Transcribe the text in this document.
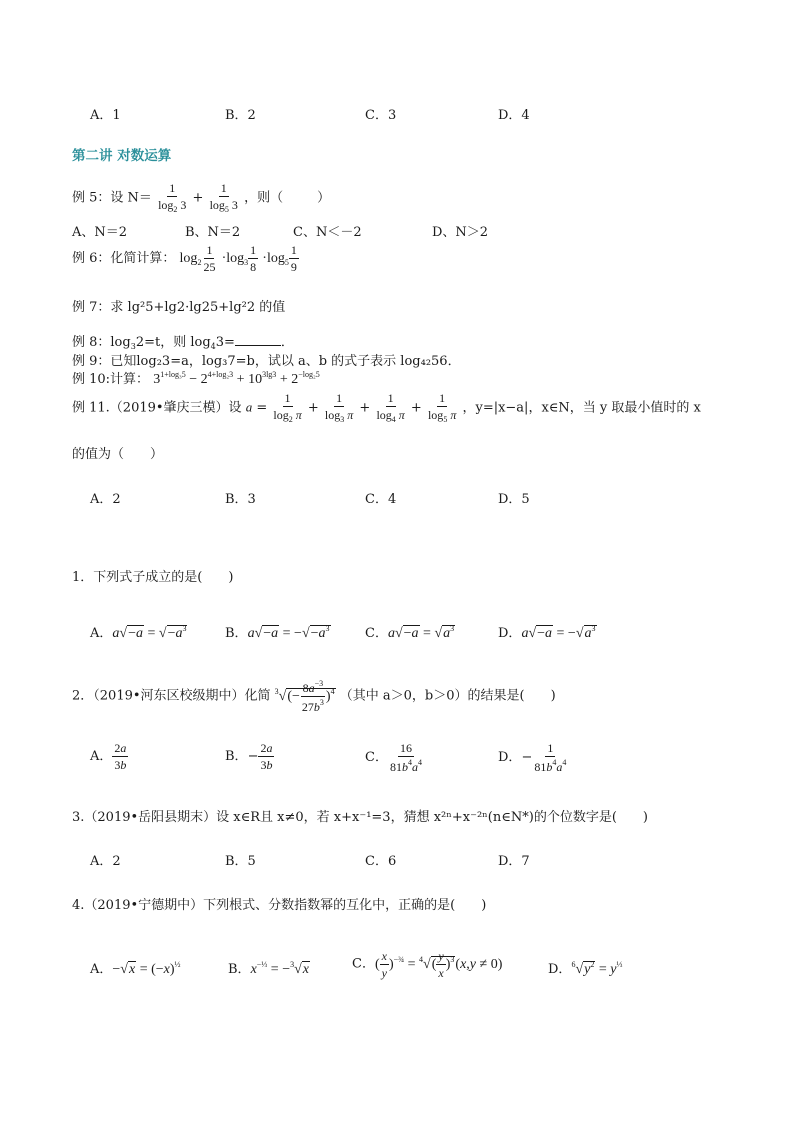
A．1	B．2	C．3	D．4
第二讲 对数运算
例 5：设 $N= \frac{1}{\log_2 3} + \frac{1}{\log_5 3}$ ，则（	）
A、N＝2	B、N＝2	C、N＜－2	D、N＞2
例 6：化简计算： $\log_2 \frac{1}{25} \cdot\log_3 \frac{1}{8} \cdot\log_5 \frac{1}{9}$
例 7：求 lg²5+lg2·lg25+lg²2 的值
例 8：$\log_32=t$，则 $\log_43=$	．
例 9：已知log₂3=a，log₃7=b，试以 a、b 的式子表示 log₄₂56．
例 10:计算： $3^{1+log_35} - 2^{4+log_23} + 10^{3lg3} + 2^{-log_25}$
例 11.（2019•肇庆三模）设 $a = \frac{1}{\log_2 \pi} + \frac{1}{\log_3 \pi} + \frac{1}{\log_4 \pi} + \frac{1}{\log_5 \pi}$ ，y=|x−a|，x∈N，当 y 取最小值时的 x
的值为（ ）
A．2	B．3	C．4	D．5
1．下列式子成立的是( )
A．$a√-a = √-a^3$	B．$a√-a = -√-a^3$	C．$a√-a = √a^3$	D．$a√-a = -√a^3$
2．（2019•河东区校级期中）化简 $^3√(- \frac{8a^{-3}}{27b^3} )^4$ （其中 a＞0，b＞0）的结果是( )
A． $\frac{2a}{3b}$	B．− $\frac{2a}{3b}$	C． $\frac{16}{81b^4a^4}$	D．− $\frac{1}{81b^4a^4}$
3.（2019•岳阳县期末）设 x∈R且 x≠0，若 x+x⁻¹=3，猜想 x²ⁿ+x⁻²ⁿ(n∈N*)的个位数字是( )
A．2	B．5	C．6	D．7
4.（2019•宁德期中）下列根式、分数指数幂的互化中，正确的是( )
A．$-√x = (-x)^{\frac{1}{2}}$	B．$x^{-\frac{1}{3}} = -^3√x$	C．( $\frac{x}{y} )^{-\frac{3}{4}} = ^4√( \frac{y}{x} )^3(x,y \ne 0)$	D．$^6√y^2 = y^{\frac{1}{3}}$
